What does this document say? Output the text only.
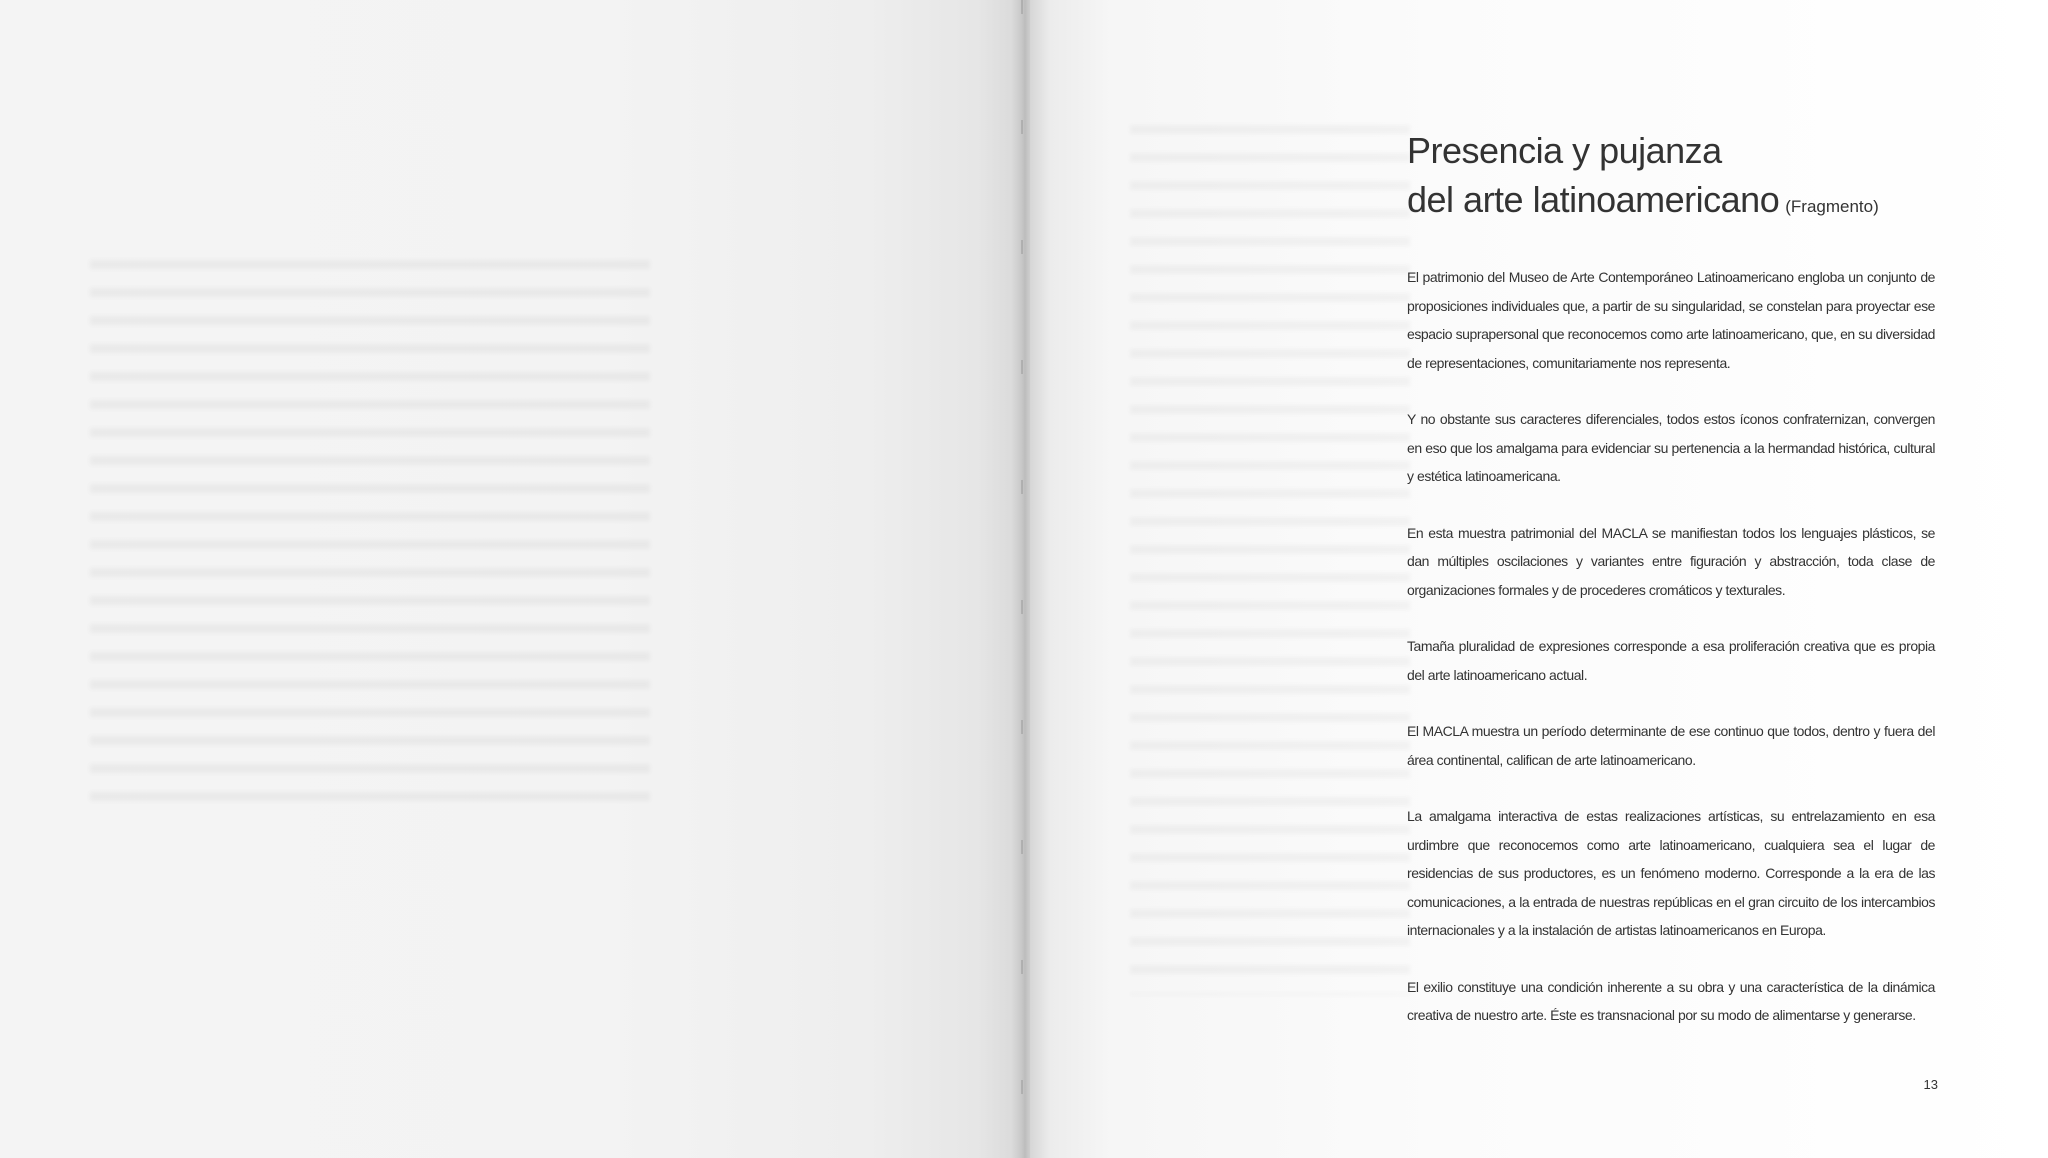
Presencia y pujanza
del arte latinoamericano (Fragmento)

El patrimonio del Museo de Arte Contemporáneo Latinoamericano engloba un conjunto de proposiciones individuales que, a partir de su singularidad, se constelan para proyectar ese espacio suprapersonal que reconocemos como arte latinoamericano, que, en su diversidad de representaciones, comunitariamente nos representa.

Y no obstante sus caracteres diferenciales, todos estos íconos confraternizan, convergen en eso que los amalgama para evidenciar su pertenencia a la hermandad histórica, cultural y estética latinoamericana.

En esta muestra patrimonial del MACLA se manifiestan todos los lenguajes plásticos, se dan múltiples oscilaciones y variantes entre figuración y abstracción, toda clase de organizaciones formales y de procederes cromáticos y texturales.

Tamaña pluralidad de expresiones corresponde a esa proliferación creativa que es propia del arte latinoamericano actual.

El MACLA muestra un período determinante de ese continuo que todos, dentro y fuera del área continental, califican de arte latinoamericano.

La amalgama interactiva de estas realizaciones artísticas, su entrelazamiento en esa urdimbre que reconocemos como arte latinoamericano, cualquiera sea el lugar de residencias de sus productores, es un fenómeno moderno. Corresponde a la era de las comunicaciones, a la entrada de nuestras repúblicas en el gran circuito de los intercambios internacionales y a la instalación de artistas latinoamericanos en Europa.

El exilio constituye una condición inherente a su obra y una característica de la dinámica creativa de nuestro arte. Éste es transnacional por su modo de alimentarse y generarse.

13
